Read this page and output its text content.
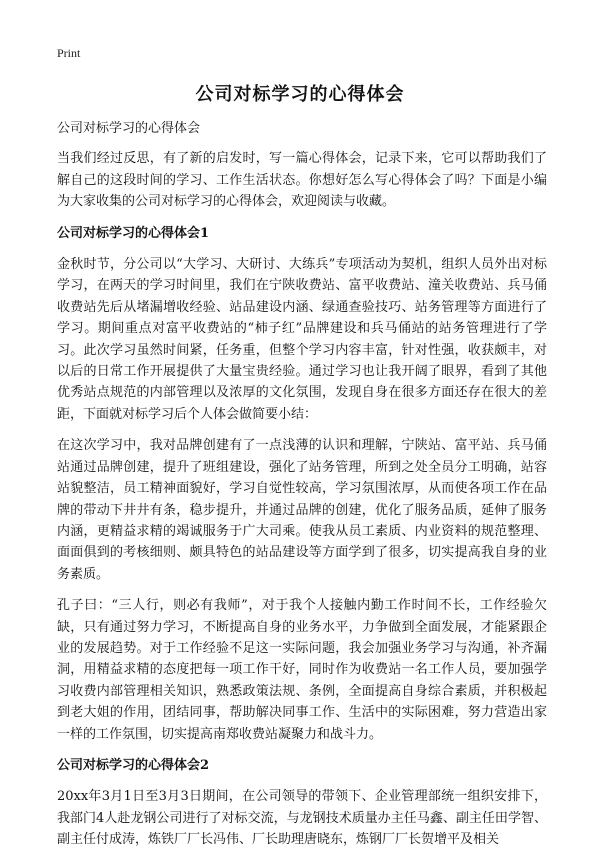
Print
公司对标学习的心得体会

公司对标学习的心得体会

当我们经过反思，有了新的启发时，写一篇心得体会，记录下来，它可以帮助我们了解自己的这段时间的学习、工作生活状态。你想好怎么写心得体会了吗？下面是小编为大家收集的公司对标学习的心得体会，欢迎阅读与收藏。

公司对标学习的心得体会1

金秋时节，分公司以“大学习、大研讨、大练兵”专项活动为契机，组织人员外出对标学习，在两天的学习时间里，我们在宁陕收费站、富平收费站、潼关收费站、兵马俑收费站先后从堵漏增收经验、站品建设内涵、绿通查验技巧、站务管理等方面进行了学习。期间重点对富平收费站的“柿子红”品牌建设和兵马俑站的站务管理进行了学习。此次学习虽然时间紧，任务重，但整个学习内容丰富，针对性强，收获颇丰，对以后的日常工作开展提供了大量宝贵经验。通过学习也让我开阔了眼界，看到了其他优秀站点规范的内部管理以及浓厚的文化氛围，发现自身在很多方面还存在很大的差距，下面就对标学习后个人体会做简要小结：

在这次学习中，我对品牌创建有了一点浅薄的认识和理解，宁陕站、富平站、兵马俑站通过品牌创建，提升了班组建设，强化了站务管理，所到之处全员分工明确，站容站貌整洁，员工精神面貌好，学习自觉性较高，学习氛围浓厚，从而使各项工作在品牌的带动下井井有条，稳步提升，并通过品牌的创建，优化了服务品质，延伸了服务内涵，更精益求精的竭诚服务于广大司乘。使我从员工素质、内业资料的规范整理、面面俱到的考核细则、颇具特色的站品建设等方面学到了很多，切实提高我自身的业务素质。

孔子曰：“三人行，则必有我师”，对于我个人接触内勤工作时间不长，工作经验欠缺，只有通过努力学习，不断提高自身的业务水平，力争做到全面发展，才能紧跟企业的发展趋势。对于工作经验不足这一实际问题，我会加强业务学习与沟通，补齐漏洞，用精益求精的态度把每一项工作干好，同时作为收费站一名工作人员，要加强学习收费内部管理相关知识，熟悉政策法规、条例，全面提高自身综合素质，并积极起到老大姐的作用，团结同事，帮助解决同事工作、生活中的实际困难，努力营造出家一样的工作氛围，切实提高南郑收费站凝聚力和战斗力。

公司对标学习的心得体会2

20xx年3月1日至3月3日期间，在公司领导的带领下、企业管理部统一组织安排下，我部门4人赴龙钢公司进行了对标交流，与龙钢技术质量办主任马鑫、副主任田学智、副主任付成涛，炼铁厂厂长冯伟、厂长助理唐晓东，炼钢厂厂长贺增平及相关
